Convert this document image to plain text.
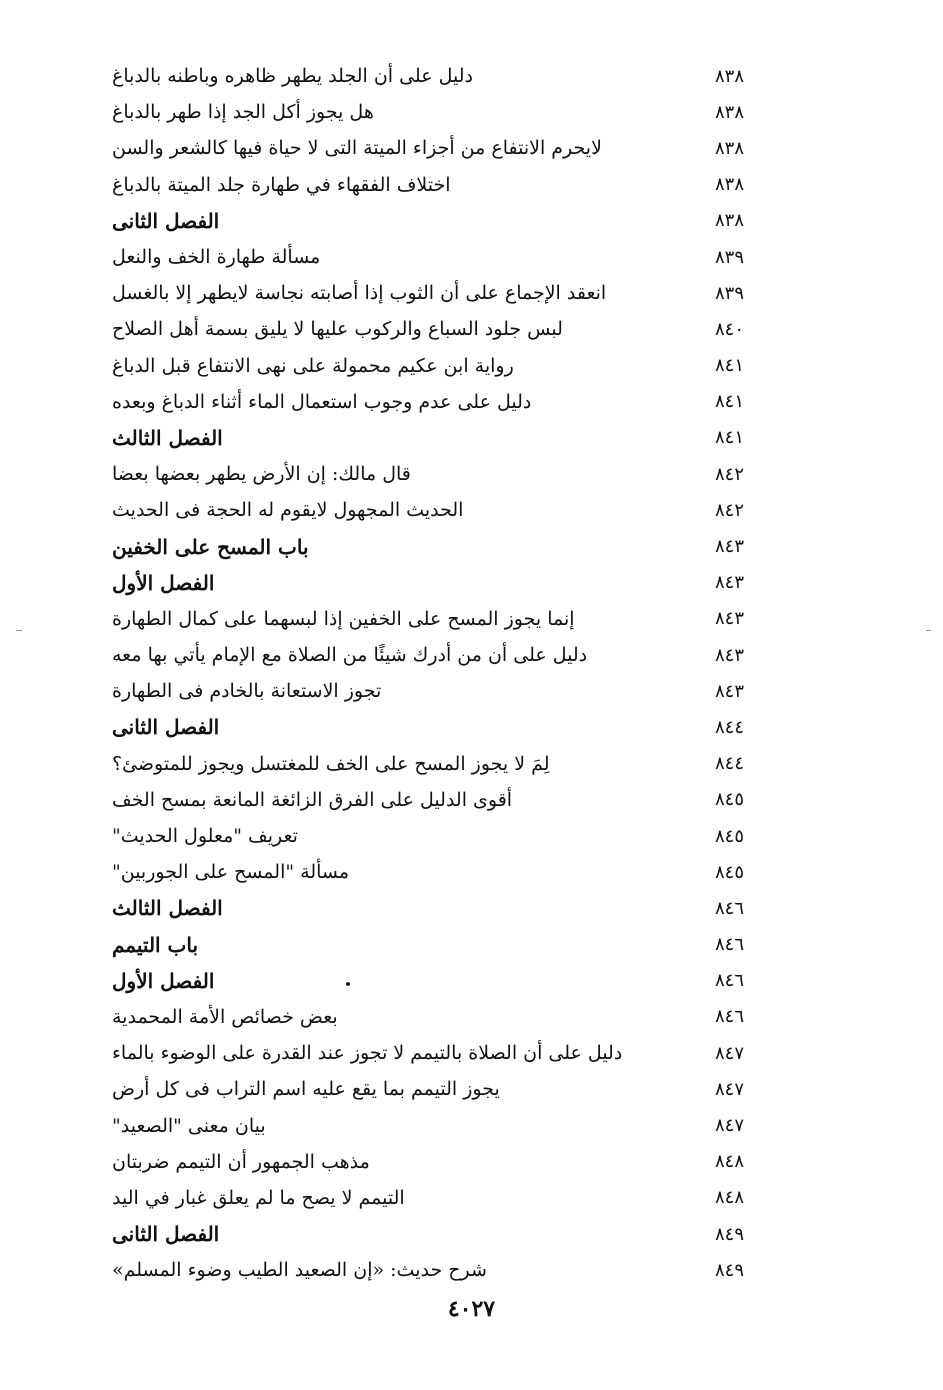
دليل على أن الجلد يطهر ظاهره وباطنه بالدباغ	٨٣٨
هل يجوز أكل الجد إذا طهر بالدباغ	٨٣٨
لايحرم الانتفاع من أجزاء الميتة التى لا حياة فيها كالشعر والسن	٨٣٨
اختلاف الفقهاء في طهارة جلد الميتة بالدباغ	٨٣٨
الفصل الثانى	٨٣٨
مسألة طهارة الخف والنعل	٨٣٩
انعقد الإجماع على أن الثوب إذا أصابته نجاسة لايطهر إلا بالغسل	٨٣٩
لبس جلود السباع والركوب عليها لا يليق بسمة أهل الصلاح	٨٤٠
رواية ابن عكيم محمولة على نهى الانتفاع قبل الدباغ	٨٤١
دليل على عدم وجوب استعمال الماء أثناء الدباغ وبعده	٨٤١
الفصل الثالث	٨٤١
قال مالك: إن الأرض يطهر بعضها بعضا	٨٤٢
الحديث المجهول لايقوم له الحجة فى الحديث	٨٤٢
باب المسح على الخفين	٨٤٣
الفصل الأول	٨٤٣
إنما يجوز المسح على الخفين إذا لبسهما على كمال الطهارة	٨٤٣
دليل على أن من أدرك شيئًا من الصلاة مع الإمام يأتي بها معه	٨٤٣
تجوز الاستعانة بالخادم فى الطهارة	٨٤٣
الفصل الثانى	٨٤٤
لِمَ لا يجوز المسح على الخف للمغتسل ويجوز للمتوضئ؟	٨٤٤
أقوى الدليل على الفرق الزائغة المانعة بمسح الخف	٨٤٥
تعريف "معلول الحديث"	٨٤٥
مسألة "المسح على الجوربين"	٨٤٥
الفصل الثالث	٨٤٦
باب التيمم	٨٤٦
الفصل الأول	٨٤٦
بعض خصائص الأمة المحمدية	٨٤٦
دليل على أن الصلاة بالتيمم لا تجوز عند القدرة على الوضوء بالماء	٨٤٧
يجوز التيمم بما يقع عليه اسم التراب فى كل أرض	٨٤٧
بيان معنى "الصعيد"	٨٤٧
مذهب الجمهور أن التيمم ضربتان	٨٤٨
التيمم لا يصح ما لم يعلق غبار في اليد	٨٤٨
الفصل الثانى	٨٤٩
شرح حديث: «إن الصعيد الطيب وضوء المسلم»	٨٤٩
٤٠٢٧
